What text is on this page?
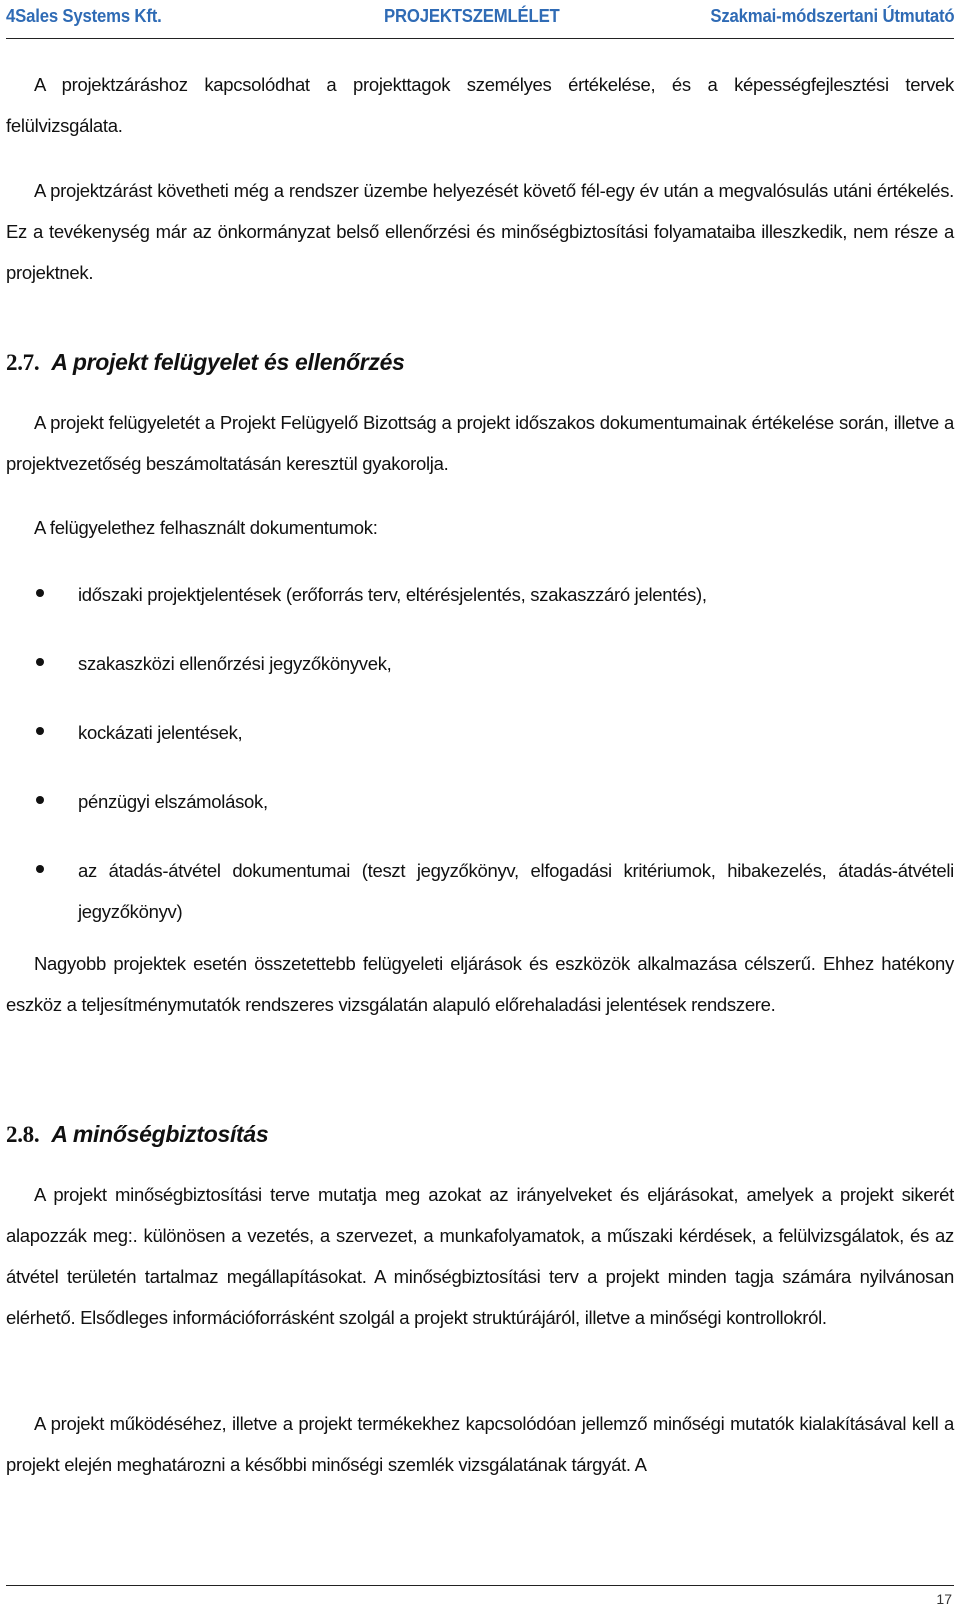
4Sales Systems Kft.	PROJEKTSZEMLÉLET	Szakmai-módszertani Útmutató
A projektzáráshoz kapcsolódhat a projekttagok személyes értékelése, és a képességfejlesztési tervek felülvizsgálata.
A projektzárást követheti még a rendszer üzembe helyezését követő fél-egy év után a megvalósulás utáni értékelés. Ez a tevékenység már az önkormányzat belső ellenőrzési és minőségbiztosítási folyamataiba illeszkedik, nem része a projektnek.
2.7. A projekt felügyelet és ellenőrzés
A projekt felügyeletét a Projekt Felügyelő Bizottság a projekt időszakos dokumentumainak értékelése során, illetve a projektvezetőség beszámoltatásán keresztül gyakorolja.
A felügyelethez felhasznált dokumentumok:
időszaki projektjelentések (erőforrás terv, eltérésjelentés, szakaszzáró jelentés),
szakaszközi ellenőrzési jegyzőkönyvek,
kockázati jelentések,
pénzügyi elszámolások,
az átadás-átvétel dokumentumai (teszt jegyzőkönyv, elfogadási kritériumok, hibakezelés, átadás-átvételi jegyzőkönyv)
Nagyobb projektek esetén összetettebb felügyeleti eljárások és eszközök alkalmazása célszerű. Ehhez hatékony eszköz a teljesítménymutatók rendszeres vizsgálatán alapuló előrehaladási jelentések rendszere.
2.8. A minőségbiztosítás
A projekt minőségbiztosítási terve mutatja meg azokat az irányelveket és eljárásokat, amelyek a projekt sikerét alapozzák meg:. különösen a vezetés, a szervezet, a munkafolyamatok, a műszaki kérdések, a felülvizsgálatok, és az átvétel területén tartalmaz megállapításokat. A minőségbiztosítási terv a projekt minden tagja számára nyilvánosan elérhető. Elsődleges információforrásként szolgál a projekt struktúrájáról, illetve a minőségi kontrollokról.
A projekt működéséhez, illetve a projekt termékekhez kapcsolódóan jellemző minőségi mutatók kialakításával kell a projekt elején meghatározni a későbbi minőségi szemlék vizsgálatának tárgyát. A
17
